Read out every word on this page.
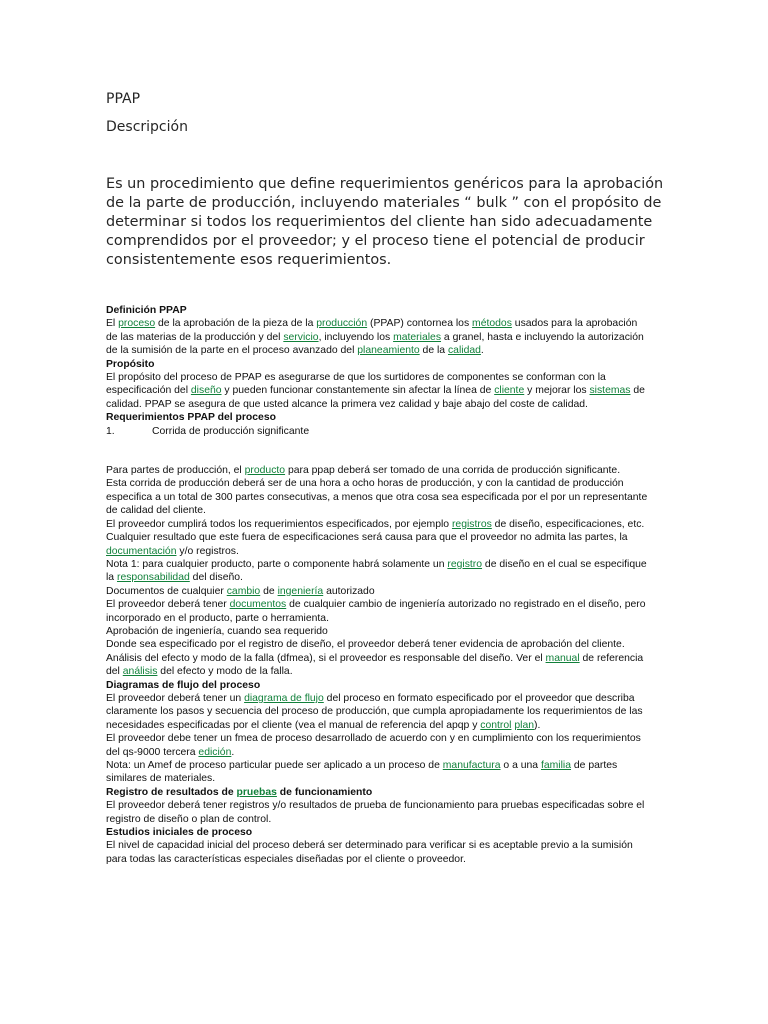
PPAP
Descripción

Es un procedimiento que define requerimientos genéricos para la aprobación de la parte de producción, incluyendo materiales “ bulk ” con el propósito de determinar si todos los requerimientos del cliente han sido adecuadamente comprendidos por el proveedor; y el proceso tiene el potencial de producir consistentemente esos requerimientos.

Definición PPAP

El proceso de la aprobación de la pieza de la producción (PPAP) contornea los métodos usados para la aprobación de las materias de la producción y del servicio, incluyendo los materiales a granel, hasta e incluyendo la autorización de la sumisión de la parte en el proceso avanzado del planeamiento de la calidad.

Propósito

El propósito del proceso de PPAP es asegurarse de que los surtidores de componentes se conforman con la especificación del diseño y pueden funcionar constantemente sin afectar la línea de cliente y mejorar los sistemas de calidad. PPAP se asegura de que usted alcance la primera vez calidad y baje abajo del coste de calidad.

Requerimientos PPAP del proceso

1.	Corrida de producción significante

Para partes de producción, el producto para ppap deberá ser tomado de una corrida de producción significante.

Esta corrida de producción deberá ser de una hora a ocho horas de producción, y con la cantidad de producción especifica a un total de 300 partes consecutivas, a menos que otra cosa sea especificada por el por un representante de calidad del cliente.

El proveedor cumplirá todos los requerimientos especificados, por ejemplo registros de diseño, especificaciones, etc. Cualquier resultado que este fuera de especificaciones será causa para que el proveedor no admita las partes, la documentación y/o registros.

Nota 1: para cualquier producto, parte o componente habrá solamente un registro de diseño en el cual se especifique la responsabilidad del diseño.

Documentos de cualquier cambio de ingeniería autorizado

El proveedor deberá tener documentos de cualquier cambio de ingeniería autorizado no registrado en el diseño, pero incorporado en el producto, parte o herramienta.

Aprobación de ingeniería, cuando sea requerido

Donde sea especificado por el registro de diseño, el proveedor deberá tener evidencia de aprobación del cliente.

Análisis del efecto y modo de la falla (dfmea), si el proveedor es responsable del diseño. Ver el manual de referencia del análisis del efecto y modo de la falla.

Diagramas de flujo del proceso

El proveedor deberá tener un diagrama de flujo del proceso en formato especificado por el proveedor que describa claramente los pasos y secuencia del proceso de producción, que cumpla apropiadamente los requerimientos de las necesidades especificadas por el cliente (vea el manual de referencia del apqp y control plan).

El proveedor debe tener un fmea de proceso desarrollado de acuerdo con y en cumplimiento con los requerimientos del qs-9000 tercera edición.

Nota: un Amef de proceso particular puede ser aplicado a un proceso de manufactura o a una familia de partes similares de materiales.

Registro de resultados de pruebas de funcionamiento

El proveedor deberá tener registros y/o resultados de prueba de funcionamiento para pruebas especificadas sobre el registro de diseño o plan de control.

Estudios iniciales de proceso

El nivel de capacidad inicial del proceso deberá ser determinado para verificar si es aceptable previo a la sumisión para todas las características especiales diseñadas por el cliente o proveedor.
